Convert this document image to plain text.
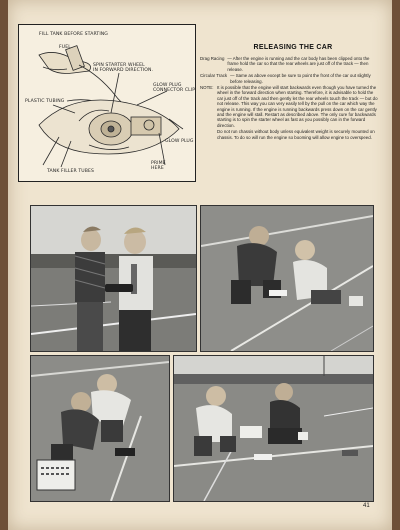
FILL TANK BEFORE STARTING
FUEL
SPIN STARTER WHEEL
IN FORWARD DIRECTION.
GLOW PLUG
CONNECTOR CLIP
PLASTIC TUBING
GLOW PLUG
PRIME
HERE
TANK FILLER TUBES
RELEASING THE CAR
Drag Racing — After the engine is running and the car body has been clipped onto the frame hold the car so that the rear wheels are just off of the track — then release.
Circular Track — Same as above except be sure to point the front of the car out slightly before releasing.
NOTE: It is possible that the engine will start backwards even though you have turned the wheel in the forward direction when starting. Therefore, it is advisable to hold the car just off of the track and then gently let the rear wheels touch the track — but do not release. This way you can very easily tell by the pull on the car which way the engine is running. If the engine is running backwards press down on the car gently and the engine will stall. Restart as described above. The only cure for backwards starting is to spin the starter wheel as fast as you possibly can in the forward direction.
Do not run chassis without body unless equivalent weight is securely mounted on chassis. To do so will run the engine so booming will allow engine to overspeed.
41
